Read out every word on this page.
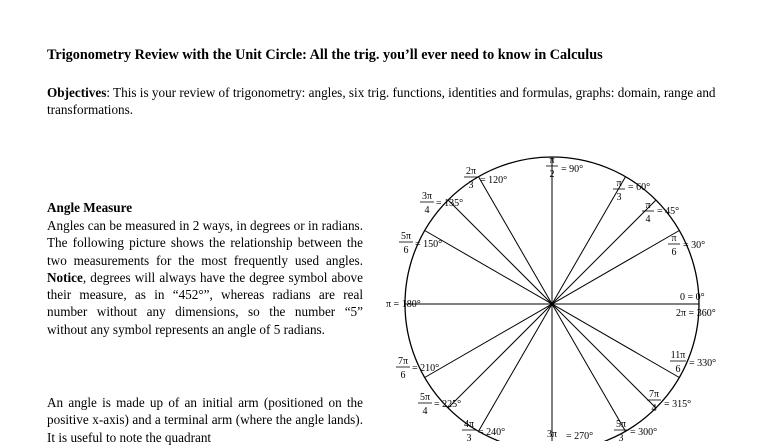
Trigonometry Review with the Unit Circle: All the trig. you’ll ever need to know in Calculus
Objectives: This is your review of trigonometry: angles, six trig. functions, identities and formulas, graphs: domain, range and transformations.
Angle Measure
Angles can be measured in 2 ways, in degrees or in radians. The following picture shows the relationship between the two measurements for the most frequently used angles. Notice, degrees will always have the degree symbol above their measure, as in “452°”, whereas radians are real number without any dimensions, so the number “5” without any symbol represents an angle of 5 radians.
An angle is made up of an initial arm (positioned on the positive x-axis) and a terminal arm (where the angle lands). It is useful to note the quadrant
π
2 = 90°
2π
3 = 120°	π
3
= 60°
3π
4
= 135°	π
4
= 45°
5π
6
= 150°
π
6
= 30°
π = 180°
0 = 0°
2π = 360°
7π
6
= 210°
11π
6
= 330°
5π
4
= 225°
7π
4 = 315°
4π
3
= 240°	3π = 270°
5π
3
= 300°
